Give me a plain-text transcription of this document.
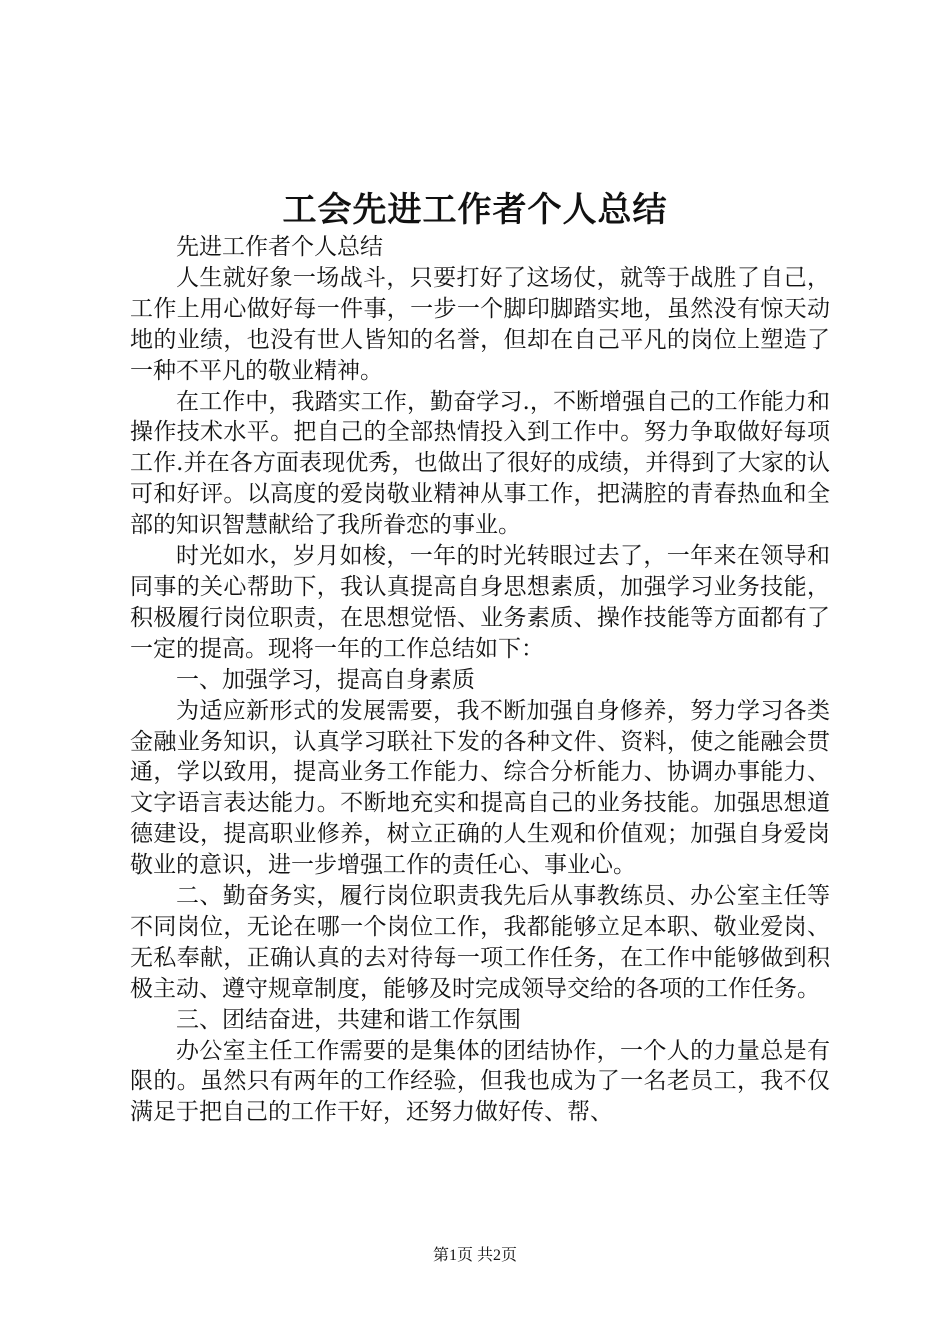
工会先进工作者个人总结

先进工作者个人总结

人生就好象一场战斗，只要打好了这场仗，就等于战胜了自己，工作上用心做好每一件事，一步一个脚印脚踏实地，虽然没有惊天动地的业绩，也没有世人皆知的名誉，但却在自己平凡的岗位上塑造了一种不平凡的敬业精神。

在工作中，我踏实工作，勤奋学习.，不断增强自己的工作能力和操作技术水平。把自己的全部热情投入到工作中。努力争取做好每项工作.并在各方面表现优秀，也做出了很好的成绩，并得到了大家的认可和好评。以高度的爱岗敬业精神从事工作，把满腔的青春热血和全部的知识智慧献给了我所眷恋的事业。

时光如水，岁月如梭，一年的时光转眼过去了，一年来在领导和同事的关心帮助下，我认真提高自身思想素质，加强学习业务技能，积极履行岗位职责，在思想觉悟、业务素质、操作技能等方面都有了一定的提高。现将一年的工作总结如下：

一、加强学习，提高自身素质

为适应新形式的发展需要，我不断加强自身修养，努力学习各类金融业务知识，认真学习联社下发的各种文件、资料，使之能融会贯通，学以致用，提高业务工作能力、综合分析能力、协调办事能力、文字语言表达能力。不断地充实和提高自己的业务技能。加强思想道德建设，提高职业修养，树立正确的人生观和价值观；加强自身爱岗敬业的意识，进一步增强工作的责任心、事业心。

二、勤奋务实，履行岗位职责我先后从事教练员、办公室主任等不同岗位，无论在哪一个岗位工作，我都能够立足本职、敬业爱岗、无私奉献，正确认真的去对待每一项工作任务，在工作中能够做到积极主动、遵守规章制度，能够及时完成领导交给的各项的工作任务。

三、团结奋进，共建和谐工作氛围

办公室主任工作需要的是集体的团结协作，一个人的力量总是有限的。虽然只有两年的工作经验，但我也成为了一名老员工，我不仅满足于把自己的工作干好，还努力做好传、帮、

第1页 共2页
